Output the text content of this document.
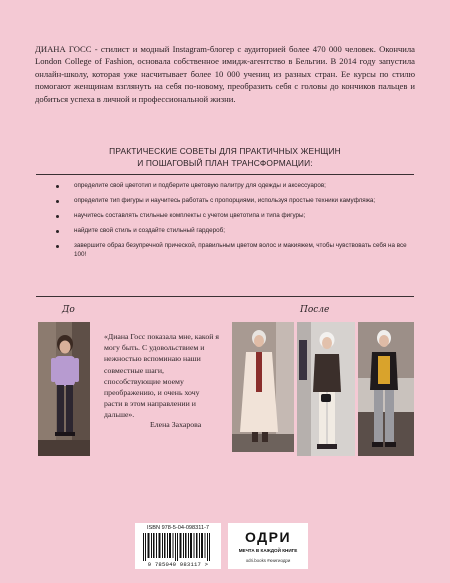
ДИАНА ГОСС - стилист и модный Instagram-блогер с аудиторией более 470 000 человек. Окончила London College of Fashion, основала собственное имидж-агентство в Бельгии. В 2014 году запустила онлайн-школу, которая уже насчитывает более 10 000 учениц из разных стран. Ее курсы по стилю помогают женщинам взглянуть на себя по-новому, преобразить себя с головы до кончиков пальцев и добиться успеха в личной и профессиональной жизни.

ПРАКТИЧЕСКИЕ СОВЕТЫ ДЛЯ ПРАКТИЧНЫХ ЖЕНЩИН
И ПОШАГОВЫЙ ПЛАН ТРАНСФОРМАЦИИ:
определите свой цветотип и подберите цветовую палитру для одежды и аксессуаров;
определите тип фигуры и научитесь работать с пропорциями, используя простые техники камуфляжа;
научитесь составлять стильные комплекты с учетом цветотипа и типа фигуры;
найдите свой стиль и создайте стильный гардероб;
завершите образ безупречной прической, правильным цветом волос и макияжем, чтобы чувствовать себя на все 100!
До	После

«Диана Госс показала мне, какой я могу быть. С удовольствием и нежностью вспоминаю наши совместные шаги, способствующие моему преображению, и очень хочу расти в этом направлении и дальше».

Елена Захарова
ISBN 978-5-04-098311-7
9 785040 983117 >
ОДРИ
МЕЧТА В КАЖДОЙ КНИГЕ
odri.books #книгиодри
